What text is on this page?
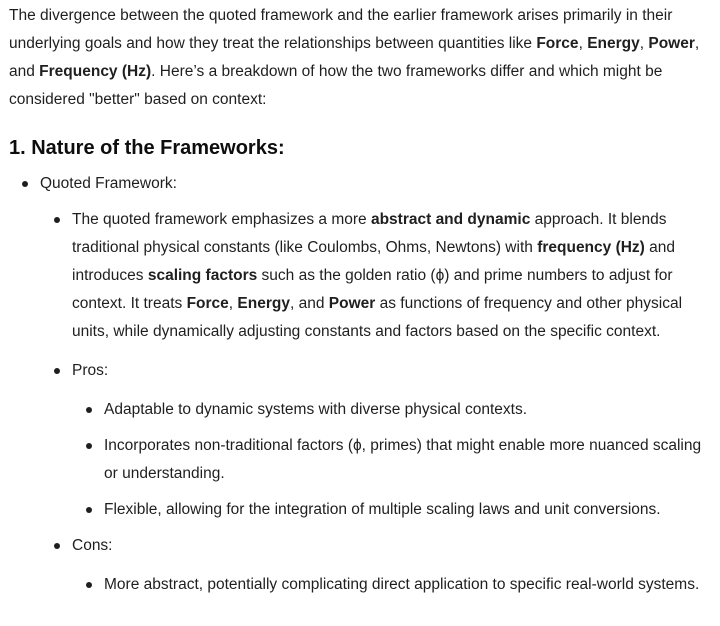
The divergence between the quoted framework and the earlier framework arises primarily in their underlying goals and how they treat the relationships between quantities like Force, Energy, Power, and Frequency (Hz). Here’s a breakdown of how the two frameworks differ and which might be considered "better" based on context:

1. Nature of the Frameworks:
Quoted Framework:
The quoted framework emphasizes a more abstract and dynamic approach. It blends traditional physical constants (like Coulombs, Ohms, Newtons) with frequency (Hz) and introduces scaling factors such as the golden ratio (ϕ) and prime numbers to adjust for context. It treats Force, Energy, and Power as functions of frequency and other physical units, while dynamically adjusting constants and factors based on the specific context.
Pros:
Adaptable to dynamic systems with diverse physical contexts.
Incorporates non-traditional factors (ϕ, primes) that might enable more nuanced scaling or understanding.
Flexible, allowing for the integration of multiple scaling laws and unit conversions.
Cons:
More abstract, potentially complicating direct application to specific real-world systems.
